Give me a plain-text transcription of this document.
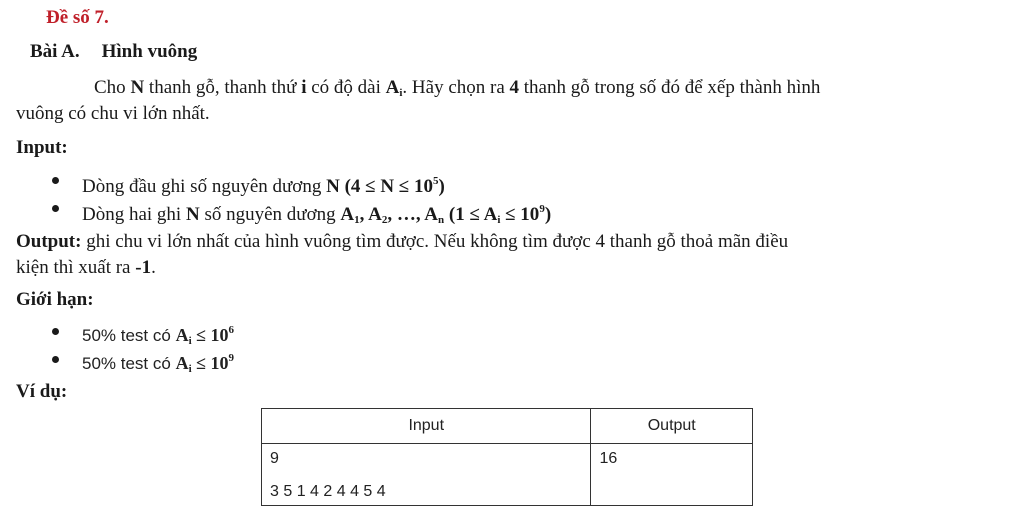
Đề số 7.
Bài A. Hình vuông
Cho N thanh gỗ, thanh thứ i có độ dài $A_i$. Hãy chọn ra 4 thanh gỗ trong số đó để xếp thành hình
vuông có chu vi lớn nhất.
Input:
Dòng đầu ghi số nguyên dương N $(4 \le N \le 10^5)$
Dòng hai ghi N số nguyên dương $A_1$, $A_2$, …, $A_n$ $(1 \le A_i \le 10^9)$
Output: ghi chu vi lớn nhất của hình vuông tìm được. Nếu không tìm được 4 thanh gỗ thoả mãn điều
kiện thì xuất ra -1.
Giới hạn:
50% test có $A_i \le 10^6$
50% test có $A_i \le 10^9$
Ví dụ:
Input	Output

9
3 5 1 4 2 4 4 5 4	16
